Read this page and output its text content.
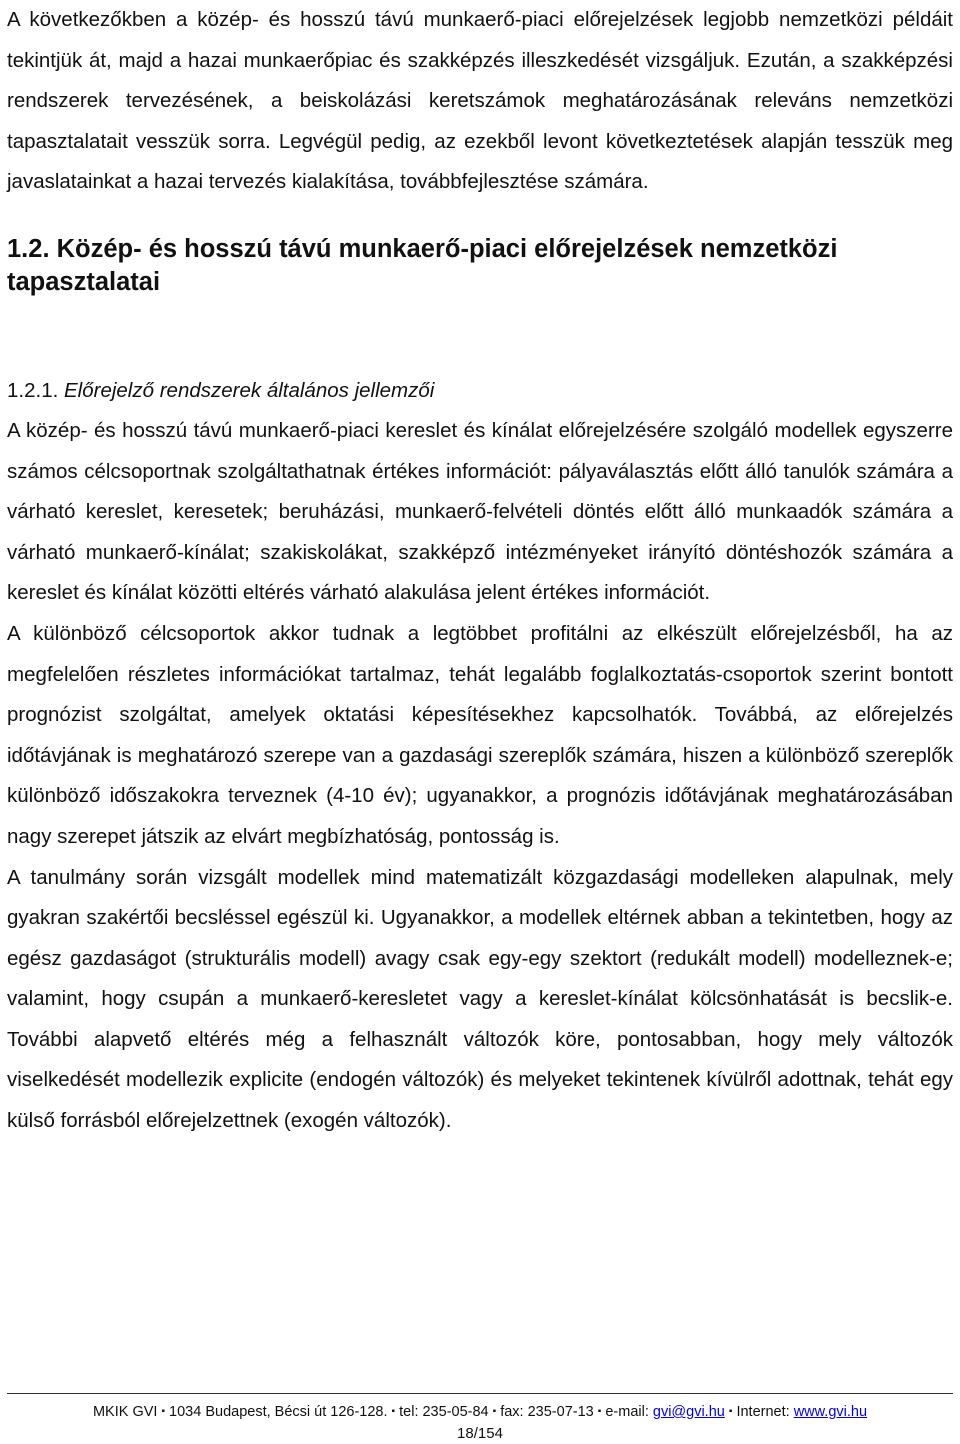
A következőkben a közép- és hosszú távú munkaerő-piaci előrejelzések legjobb nemzetközi példáit tekintjük át, majd a hazai munkaerőpiac és szakképzés illeszkedését vizsgáljuk. Ezután, a szakképzési rendszerek tervezésének, a beiskolázási keretszámok meghatározásának releváns nemzetközi tapasztalatait vesszük sorra. Legvégül pedig, az ezekből levont következtetések alapján tesszük meg javaslatainkat a hazai tervezés kialakítása, továbbfejlesztése számára.

1.2. Közép- és hosszú távú munkaerő-piaci előrejelzések nemzetközi tapasztalatai
1.2.1. Előrejelző rendszerek általános jellemzői

A közép- és hosszú távú munkaerő-piaci kereslet és kínálat előrejelzésére szolgáló modellek egyszerre számos célcsoportnak szolgáltathatnak értékes információt: pályaválasztás előtt álló tanulók számára a várható kereslet, keresetek; beruházási, munkaerő-felvételi döntés előtt álló munkaadók számára a várható munkaerő-kínálat; szakiskolákat, szakképző intézményeket irányító döntéshozók számára a kereslet és kínálat közötti eltérés várható alakulása jelent értékes információt.

A különböző célcsoportok akkor tudnak a legtöbbet profitálni az elkészült előrejelzésből, ha az megfelelően részletes információkat tartalmaz, tehát legalább foglalkoztatás-csoportok szerint bontott prognózist szolgáltat, amelyek oktatási képesítésekhez kapcsolhatók. Továbbá, az előrejelzés időtávjának is meghatározó szerepe van a gazdasági szereplők számára, hiszen a különböző szereplők különböző időszakokra terveznek (4-10 év); ugyanakkor, a prognózis időtávjának meghatározásában nagy szerepet játszik az elvárt megbízhatóság, pontosság is.

A tanulmány során vizsgált modellek mind matematizált közgazdasági modelleken alapulnak, mely gyakran szakértői becsléssel egészül ki. Ugyanakkor, a modellek eltérnek abban a tekintetben, hogy az egész gazdaságot (strukturális modell) avagy csak egy-egy szektort (redukált modell) modelleznek-e; valamint, hogy csupán a munkaerő-keresletet vagy a kereslet-kínálat kölcsönhatását is becslik-e. További alapvető eltérés még a felhasznált változók köre, pontosabban, hogy mely változók viselkedését modellezik explicite (endogén változók) és melyeket tekintenek kívülről adottnak, tehát egy külső forrásból előrejelzettnek (exogén változók).

MKIK GVI ▪ 1034 Budapest, Bécsi út 126-128. ▪ tel: 235-05-84 ▪ fax: 235-07-13 ▪ e-mail: gvi@gvi.hu ▪ Internet: www.gvi.hu
18/154
